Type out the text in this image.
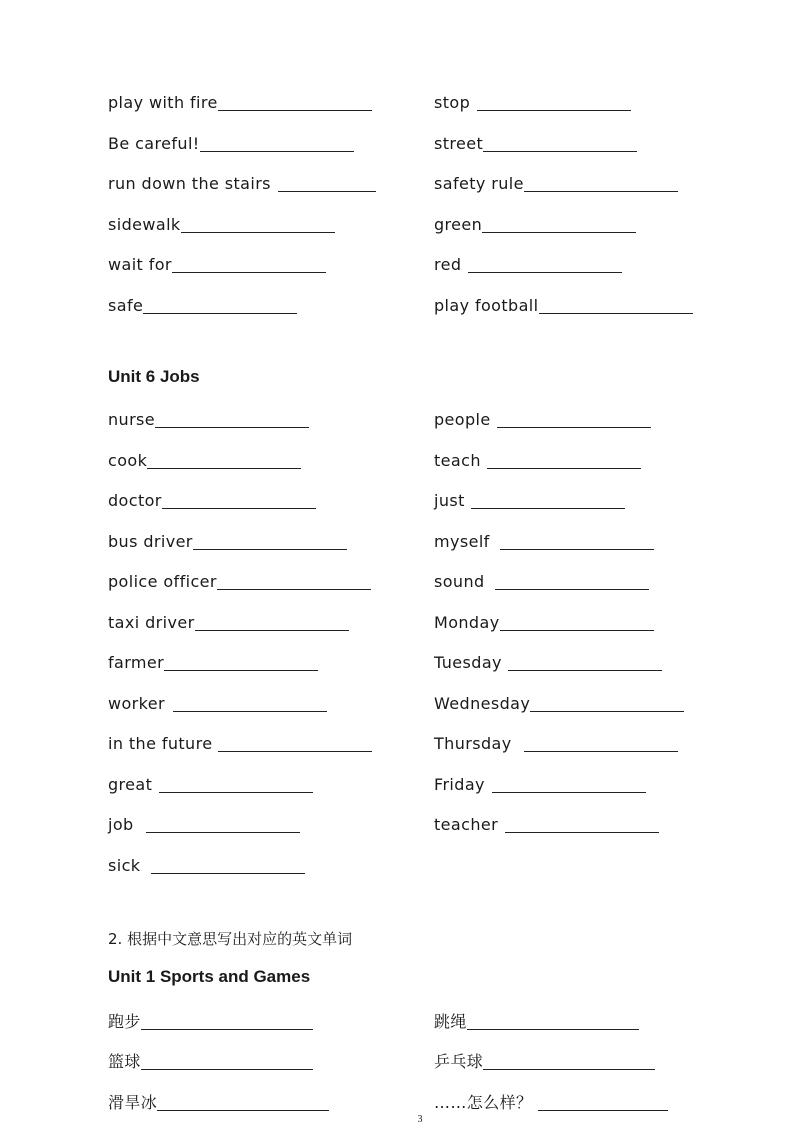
play with fire	stop
Be careful!	street
run down the stairs	safety rule
sidewalk	green
wait for	red
safe	play football
Unit 6 Jobs
nurse	people
cook	teach
doctor	just
bus driver	myself
police officer	sound
taxi driver	Monday
farmer	Tuesday
worker	Wednesday
in the future	Thursday
great	Friday
job	teacher
sick
2. 根据中文意思写出对应的英文单词
Unit 1 Sports and Games
跑步	跳绳
篮球	乒乓球
滑旱冰	……怎么样？
3
